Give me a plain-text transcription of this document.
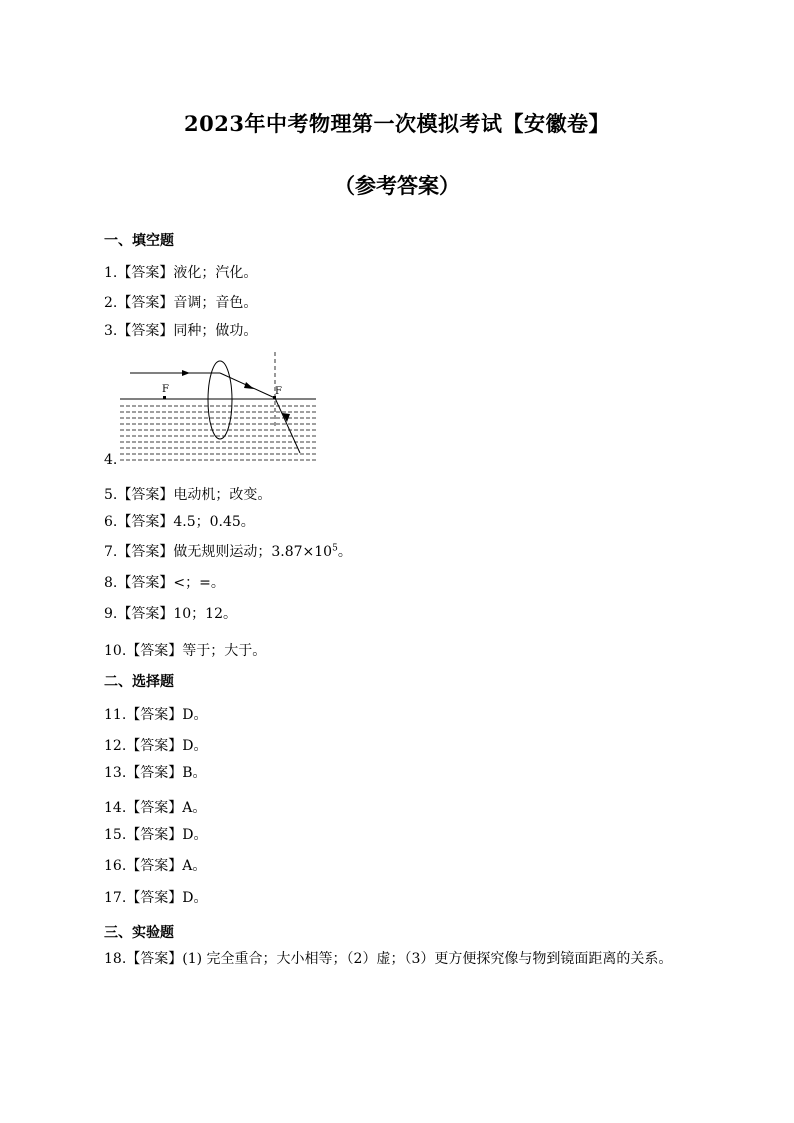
2023年中考物理第一次模拟考试【安徽卷】
（参考答案）
一、填空题
1.【答案】液化；汽化。
2.【答案】音调；音色。
3.【答案】同种；做功。
F	F
4.
5.【答案】电动机；改变。
6.【答案】4.5；0.45。
7.【答案】做无规则运动；$3.87\times 10^5$。
8.【答案】<；=。
9.【答案】10；12。
10.【答案】等于；大于。
二、选择题
11.【答案】D。
12.【答案】D。
13.【答案】B。
14.【答案】A。
15.【答案】D。
16.【答案】A。
17.【答案】D。
三、实验题
18.【答案】(1) 完全重合；大小相等；（2）虚；（3）更方便探究像与物到镜面距离的关系。
